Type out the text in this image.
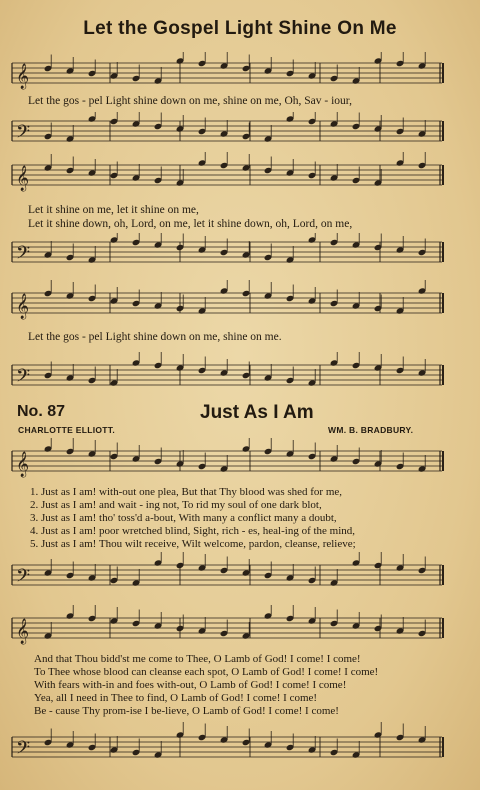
Let the Gospel Light Shine On Me
𝄞
Let the gos - pel Light shine down on me, shine on me, Oh, Sav - iour,
𝄢
𝄞
Let it shine on me, let it shine on me,
Let it shine down, oh, Lord, on me, let it shine down, oh, Lord, on me,
𝄢
𝄞
Let the gos - pel Light shine down on me, shine on me.
𝄢
No. 87	Just As I Am
CHARLOTTE ELLIOTT.	WM. B. BRADBURY.
𝄞
1. Just as I am! with-out one plea, But that Thy blood was shed for me,
2. Just as I am! and wait - ing not, To rid my soul of one dark blot,
3. Just as I am! tho' toss'd a-bout, With many a conflict many a doubt,
4. Just as I am! poor wretched blind, Sight, rich - es, heal-ing of the mind,
5. Just as I am! Thou wilt receive, Wilt welcome, pardon, cleanse, relieve;
𝄢
𝄞
And that Thou bidd'st me come to Thee, O Lamb of God! I come! I come!
To Thee whose blood can cleanse each spot, O Lamb of God! I come! I come!
With fears with-in and foes with-out, O Lamb of God! I come! I come!
Yea, all I need in Thee to find, O Lamb of God! I come! I come!
Be - cause Thy prom-ise I be-lieve, O Lamb of God! I come! I come!
𝄢
